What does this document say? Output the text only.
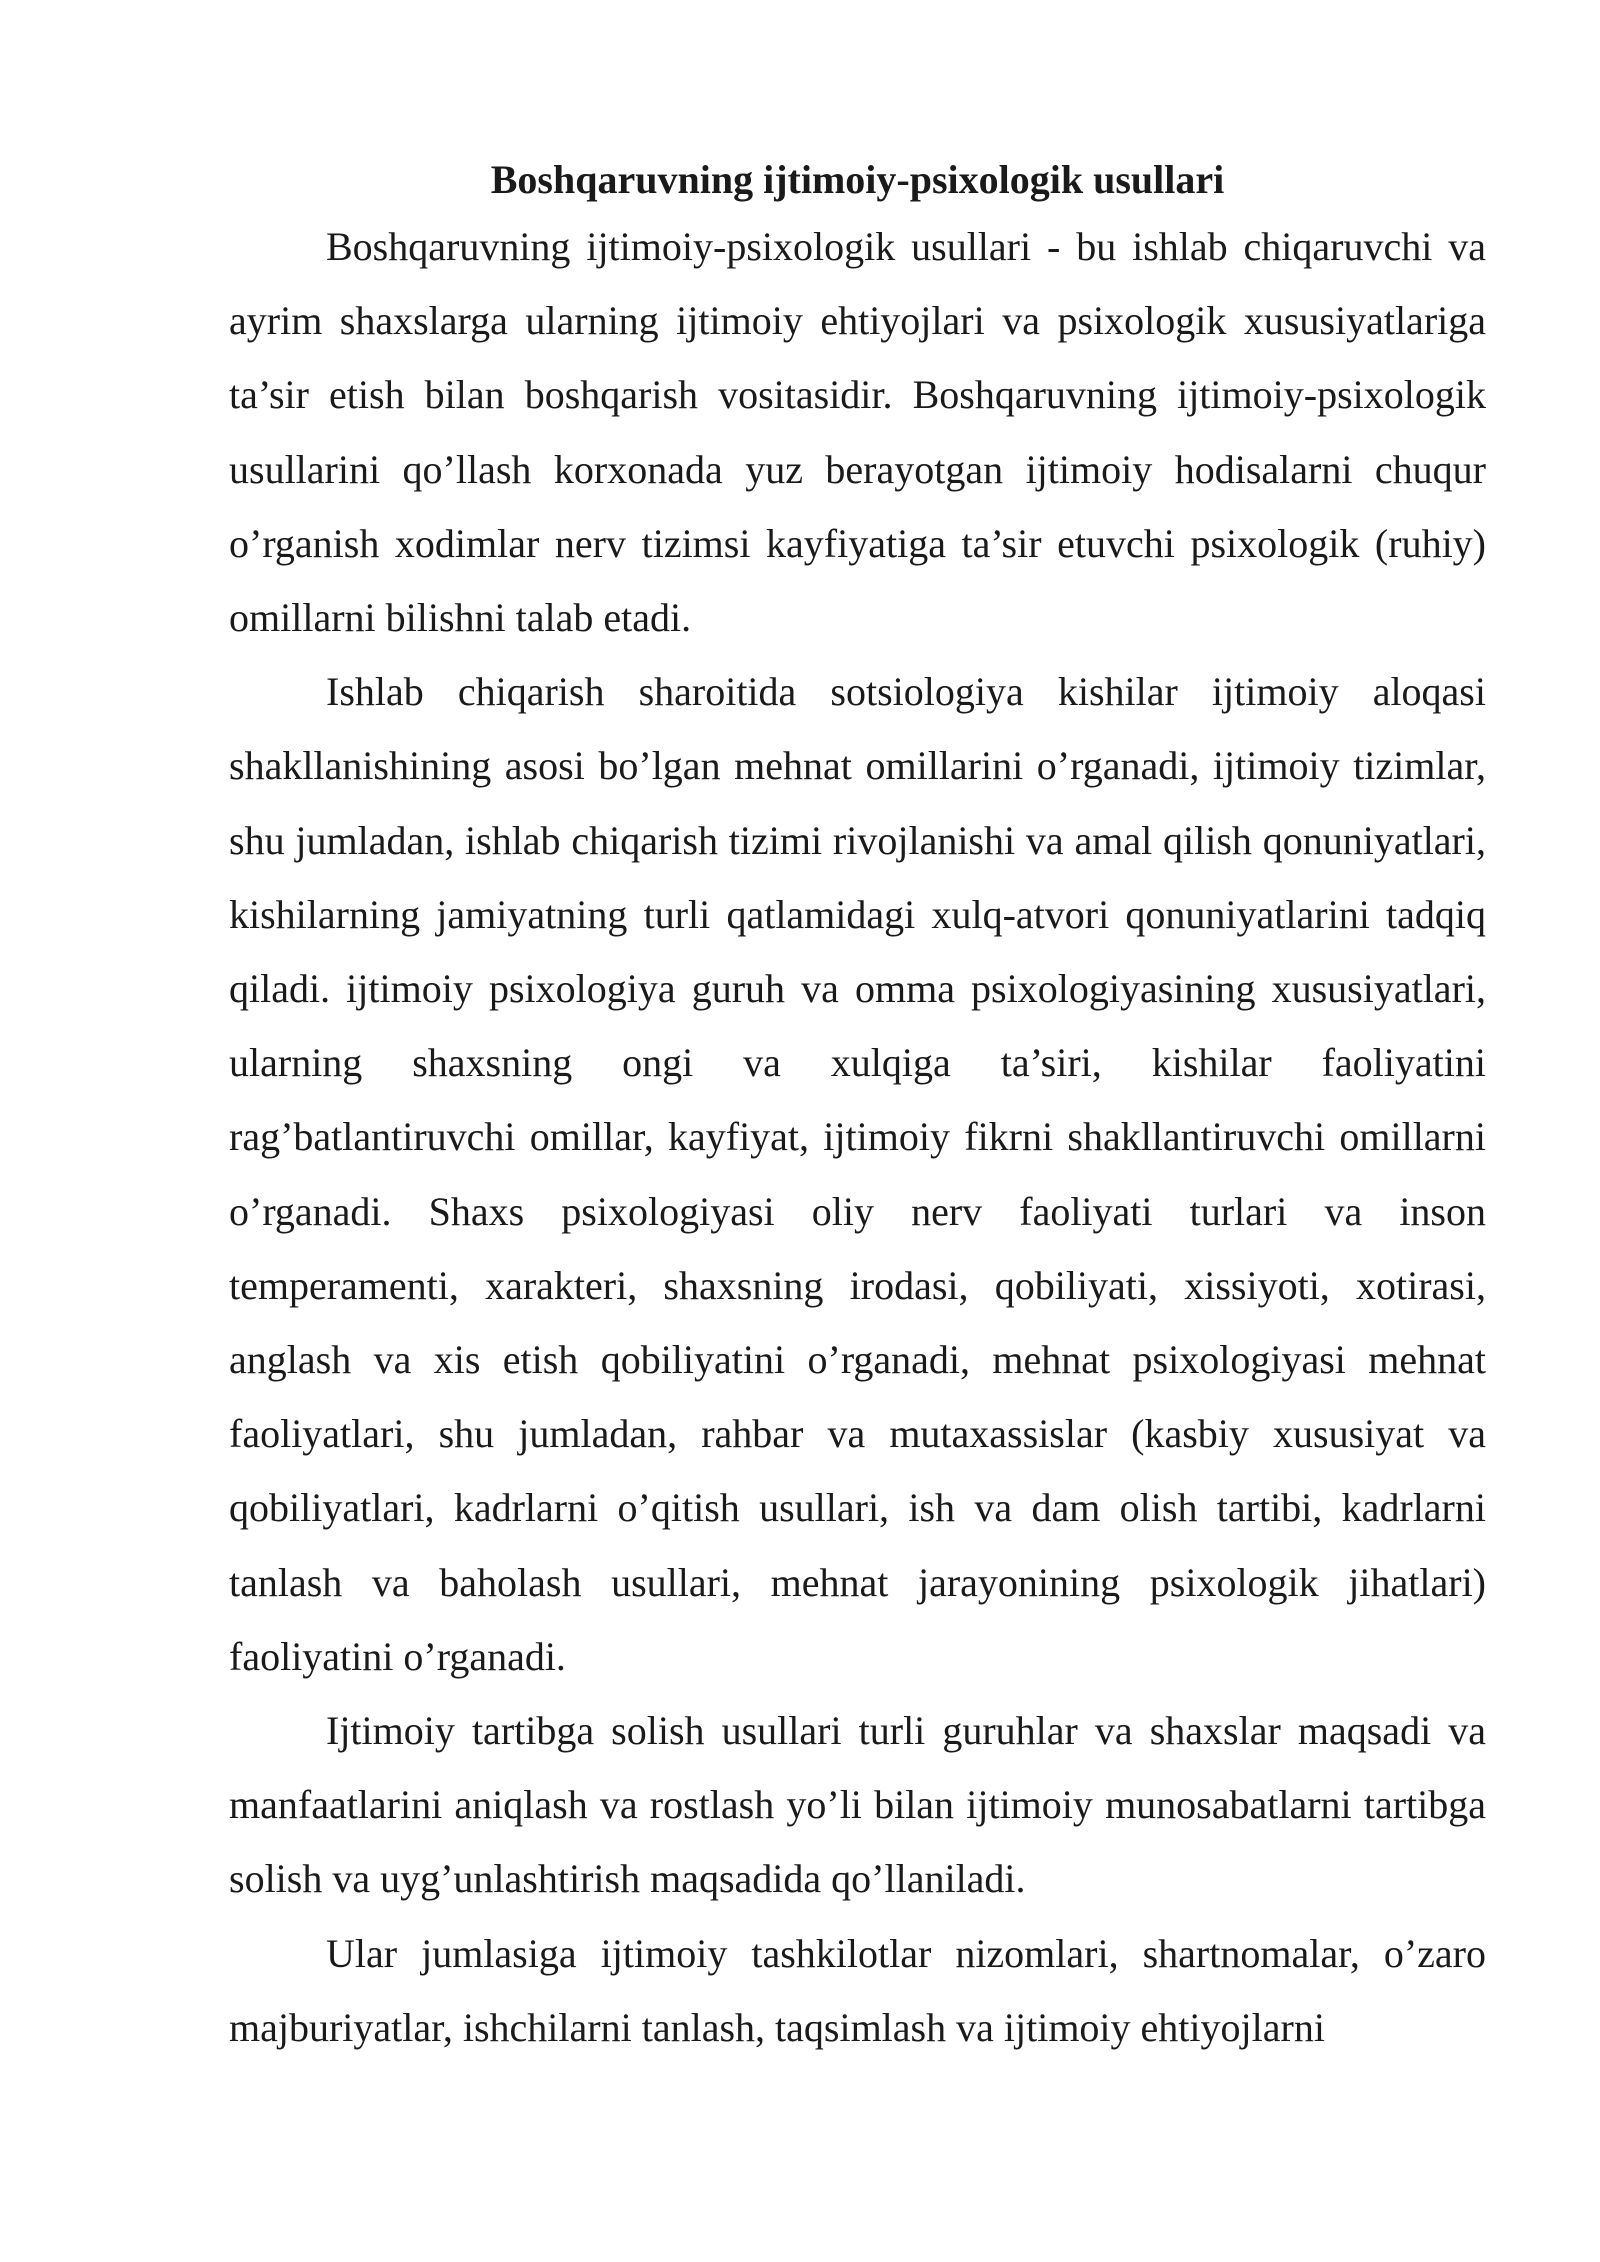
Boshqaruvning ijtimoiy-psixologik usullari

Boshqaruvning ijtimoiy-psixologik usullari - bu ishlab chiqaruvchi va ayrim shaxslarga ularning ijtimoiy ehtiyojlari va psixologik xususiyatlariga ta’sir etish bilan boshqarish vositasidir. Boshqaruvning ijtimoiy-psixologik usullarini qo’llash korxonada yuz berayotgan ijtimoiy hodisalarni chuqur o’rganish xodimlar nerv tizimsi kayfiyatiga ta’sir etuvchi psixologik (ruhiy) omillarni bilishni talab etadi.

Ishlab chiqarish sharoitida sotsiologiya kishilar ijtimoiy aloqasi shakllanishining asosi bo’lgan mehnat omillarini o’rganadi, ijtimoiy tizimlar, shu jumladan, ishlab chiqarish tizimi rivojlanishi va amal qilish qonuniyatlari, kishilarning jamiyatning turli qatlamidagi xulq-atvori qonuniyatlarini tadqiq qiladi. ijtimoiy psixologiya guruh va omma psixologiyasining xususiyatlari, ularning shaxsning ongi va xulqiga ta’siri, kishilar faoliyatini rag’batlantiruvchi omillar, kayfiyat, ijtimoiy fikrni shakllantiruvchi omillarni o’rganadi. Shaxs psixologiyasi oliy nerv faoliyati turlari va inson temperamenti, xarakteri, shaxsning irodasi, qobiliyati, xissiyoti, xotirasi, anglash va xis etish qobiliyatini o’rganadi, mehnat psixologiyasi mehnat faoliyatlari, shu jumladan, rahbar va mutaxassislar (kasbiy xususiyat va qobiliyatlari, kadrlarni o’qitish usullari, ish va dam olish tartibi, kadrlarni tanlash va baholash usullari, mehnat jarayonining psixologik jihatlari) faoliyatini o’rganadi.

Ijtimoiy tartibga solish usullari turli guruhlar va shaxslar maqsadi va manfaatlarini aniqlash va rostlash yo’li bilan ijtimoiy munosabatlarni tartibga solish va uyg’unlashtirish maqsadida qo’llaniladi.

Ular jumlasiga ijtimoiy tashkilotlar nizomlari, shartnomalar, o’zaro majburiyatlar, ishchilarni tanlash, taqsimlash va ijtimoiy ehtiyojlarni
